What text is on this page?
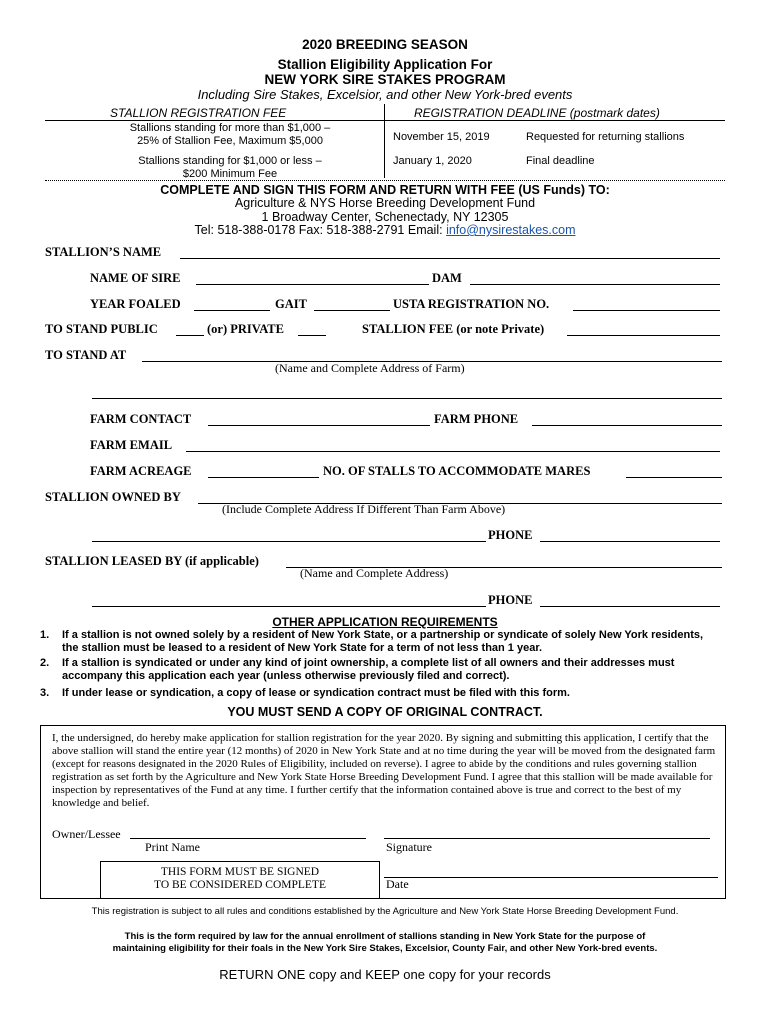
2020 BREEDING SEASON
Stallion Eligibility Application For
NEW YORK SIRE STAKES PROGRAM
Including Sire Stakes, Excelsior, and other New York-bred events
STALLION REGISTRATION FEE	REGISTRATION DEADLINE (postmark dates)
Stallions standing for more than $1,000 –
25% of Stallion Fee, Maximum $5,000	November 15, 2019	Requested for returning stallions
Stallions standing for $1,000 or less –
$200 Minimum Fee
January 1, 2020	Final deadline
COMPLETE AND SIGN THIS FORM AND RETURN WITH FEE (US Funds) TO:
Agriculture & NYS Horse Breeding Development Fund
1 Broadway Center, Schenectady, NY 12305
Tel: 518-388-0178 Fax: 518-388-2791 Email: info@nysirestakes.com
STALLION’S NAME
NAME OF SIRE	DAM
YEAR FOALED	GAIT	USTA REGISTRATION NO.
TO STAND PUBLIC	(or) PRIVATE	STALLION FEE (or note Private)
TO STAND AT
(Name and Complete Address of Farm)
FARM CONTACT	FARM PHONE
FARM EMAIL
FARM ACREAGE	NO. OF STALLS TO ACCOMMODATE MARES
STALLION OWNED BY
(Include Complete Address If Different Than Farm Above)
PHONE
STALLION LEASED BY (if applicable)
(Name and Complete Address)
PHONE
OTHER APPLICATION REQUIREMENTS
1. If a stallion is not owned solely by a resident of New York State, or a partnership or syndicate of solely New York residents, the stallion must be leased to a resident of New York State for a term of not less than 1 year.
2. If a stallion is syndicated or under any kind of joint ownership, a complete list of all owners and their addresses must accompany this application each year (unless otherwise previously filed and correct).
3. If under lease or syndication, a copy of lease or syndication contract must be filed with this form.
YOU MUST SEND A COPY OF ORIGINAL CONTRACT.
I, the undersigned, do hereby make application for stallion registration for the year 2020. By signing and submitting this application, I certify that the above stallion will stand the entire year (12 months) of 2020 in New York State and at no time during the year will be moved from the designated farm (except for reasons designated in the 2020 Rules of Eligibility, included on reverse). I agree to abide by the conditions and rules governing stallion registration as set forth by the Agriculture and New York State Horse Breeding Development Fund. I agree that this stallion will be made available for inspection by representatives of the Fund at any time. I further certify that the information contained above is true and correct to the best of my knowledge and belief.
Owner/Lessee
Print Name	Signature
THIS FORM MUST BE SIGNED
TO BE CONSIDERED COMPLETE	Date
This registration is subject to all rules and conditions established by the Agriculture and New York State Horse Breeding Development Fund.
This is the form required by law for the annual enrollment of stallions standing in New York State for the purpose of
maintaining eligibility for their foals in the New York Sire Stakes, Excelsior, County Fair, and other New York-bred events.
RETURN ONE copy and KEEP one copy for your records
